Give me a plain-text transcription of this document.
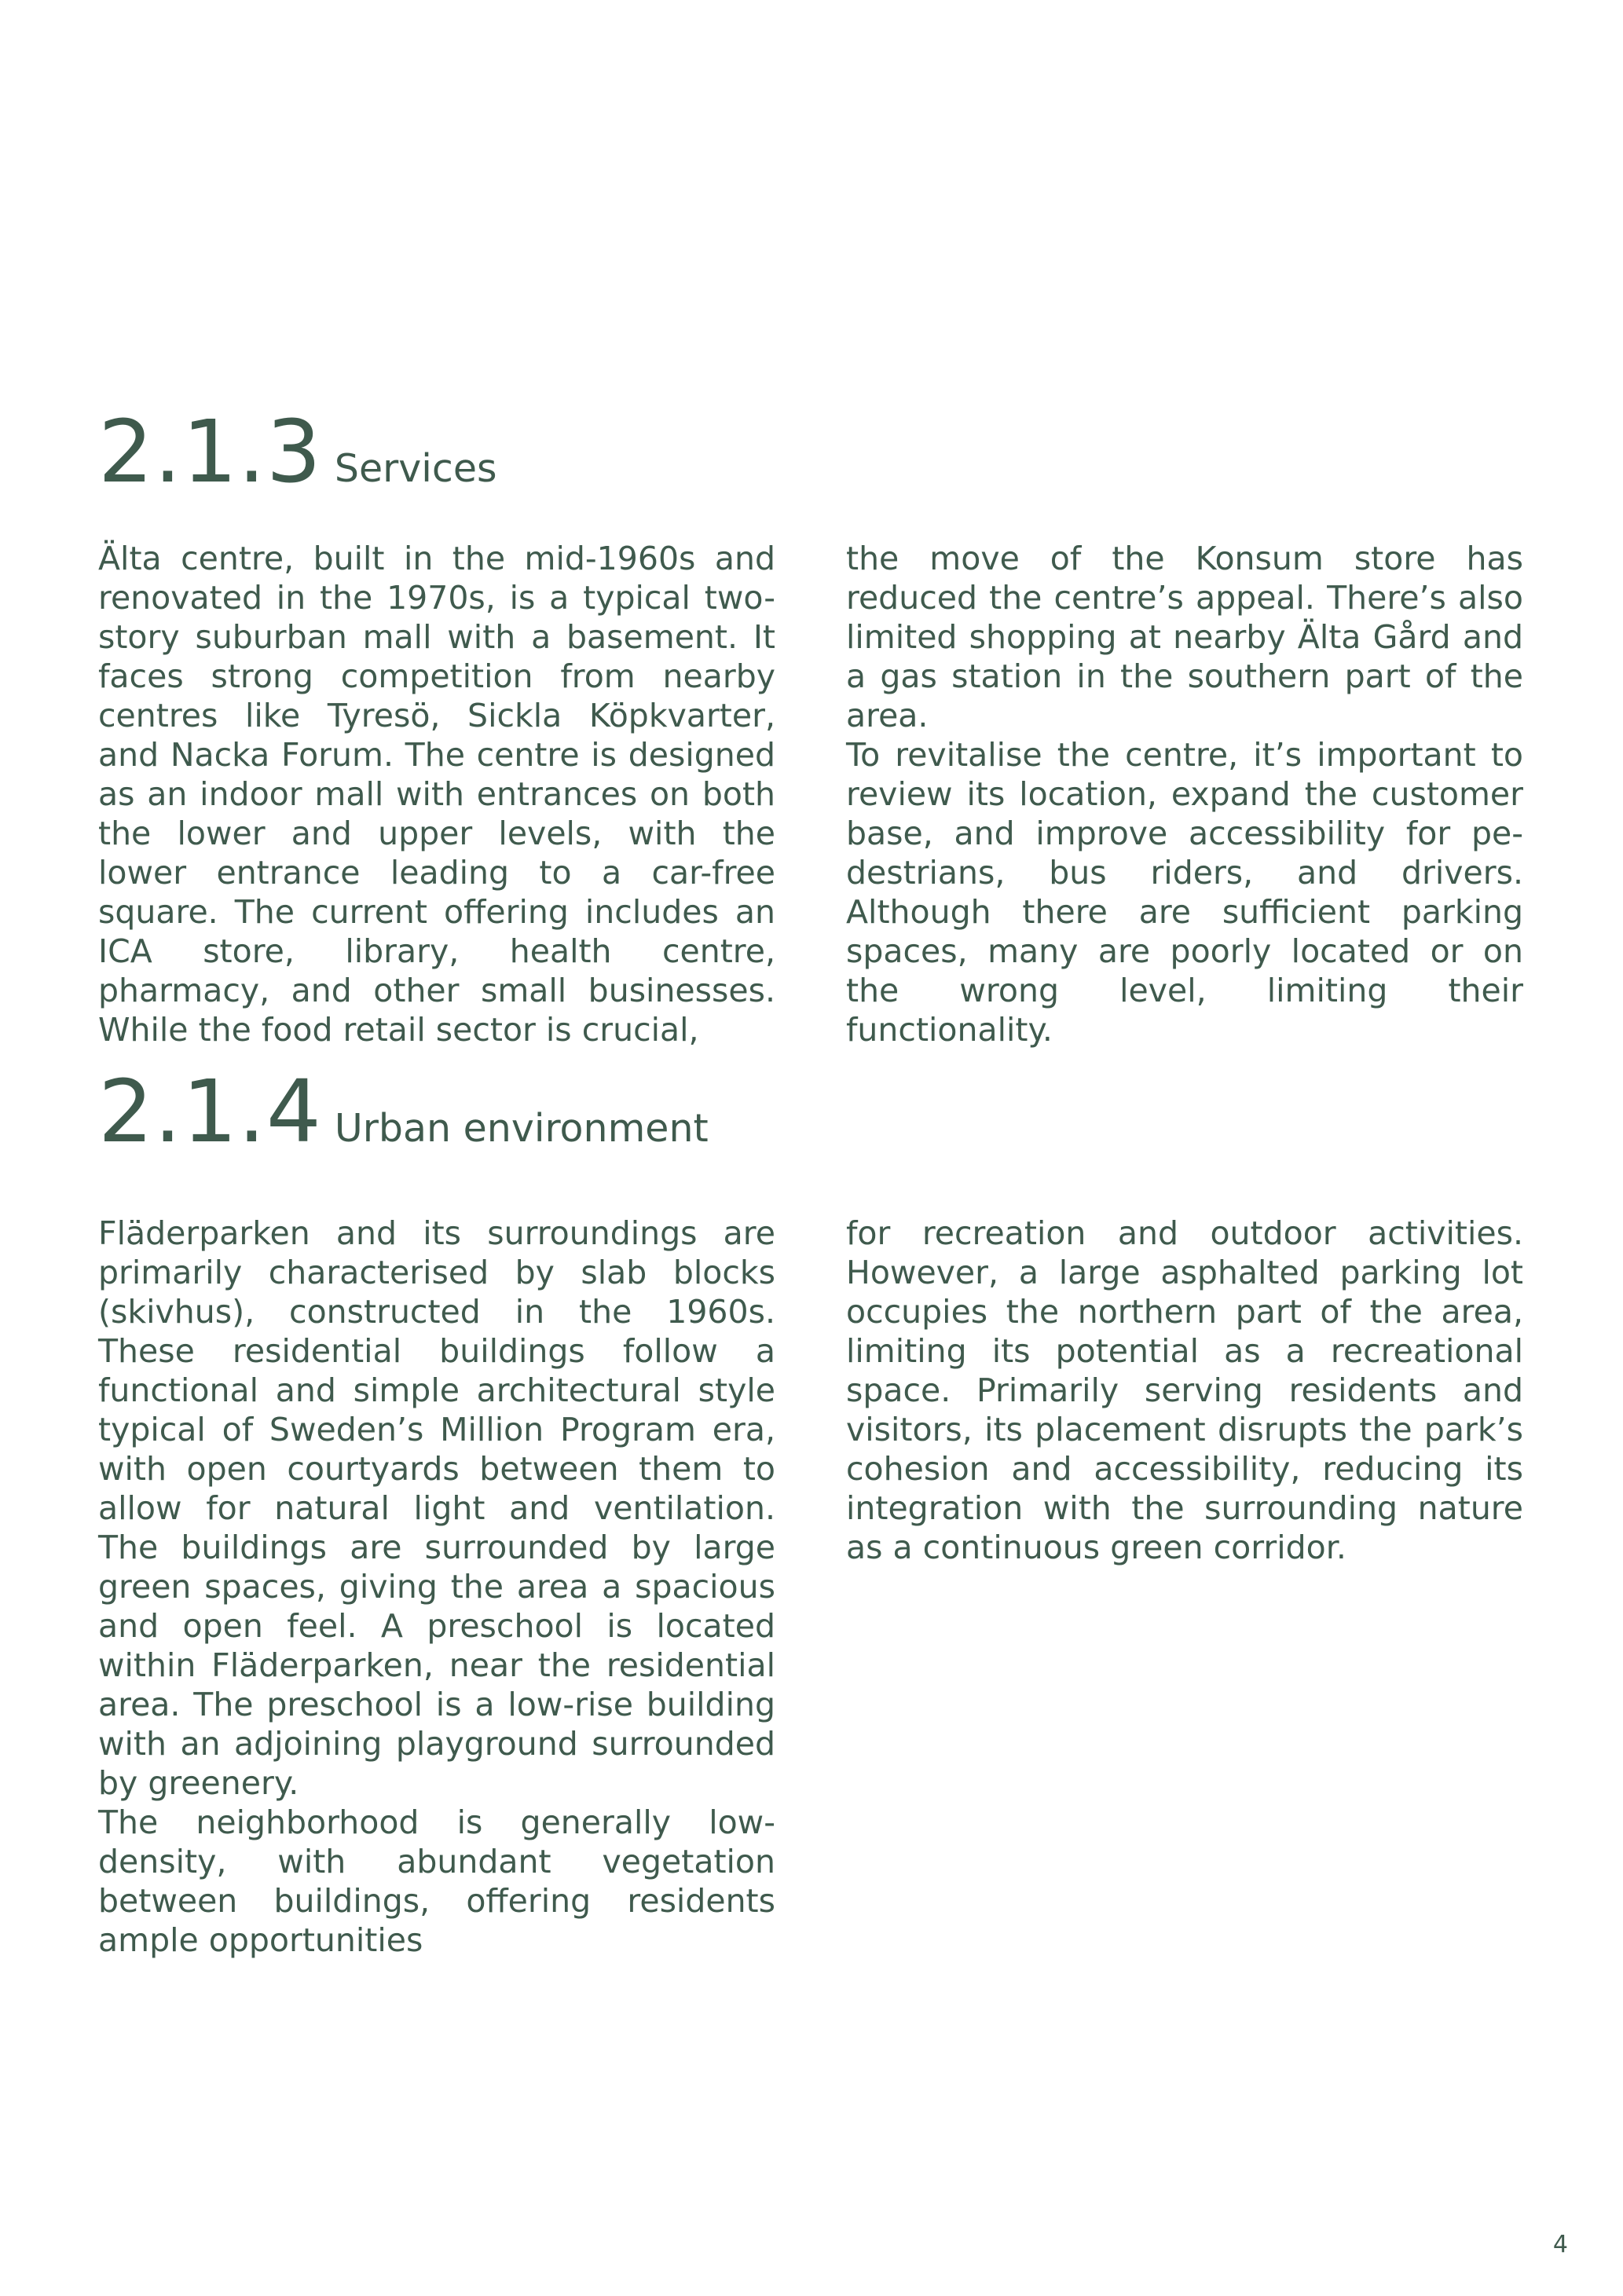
2.1.3 Services

Älta centre, built in the mid-1960s and renovated in the 1970s, is a typical two-story suburban mall with a basement. It faces strong competition from nearby centres like Tyresö, Sickla Köpkvarter, and Nacka Forum. The centre is designed as an indoor mall with entrances on both the lower and upper levels, with the lower entrance leading to a car-free square. The current offering includes an ICA store, library, health centre, pharmacy, and other small businesses. While the food retail sector is crucial,

the move of the Konsum store has reduced the centre’s appeal. There’s also limited shopping at nearby Älta Gård and a gas station in the southern part of the area.

To revitalise the centre, it’s important to review its location, expand the customer base, and improve accessibility for pedestrians, bus riders, and drivers. Although there are sufficient parking spaces, many are poorly located or on the wrong level, limiting their functionality.

2.1.4 Urban environment

Fläderparken and its surroundings are primarily characterised by slab blocks (skivhus), constructed in the 1960s. These residential buildings follow a functional and simple architectural style typical of Sweden’s Million Program era, with open courtyards between them to allow for natural light and ventilation. The buildings are surrounded by large green spaces, giving the area a spacious and open feel. A preschool is located within Fläderparken, near the residential area. The preschool is a low-rise building with an adjoining playground surrounded by greenery.

The neighborhood is generally low-density, with abundant vegetation between buildings, offering residents ample opportunities

for recreation and outdoor activities. However, a large asphalted parking lot occupies the northern part of the area, limiting its potential as a recreational space. Primarily serving residents and visitors, its placement disrupts the park’s cohesion and accessibility, reducing its integration with the surrounding nature as a continuous green corridor.

4
